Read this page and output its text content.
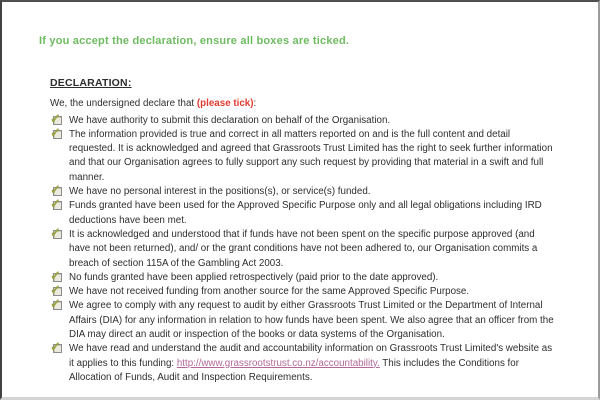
If you accept the declaration, ensure all boxes are ticked.

DECLARATION:
We, the undersigned declare that (please tick):
✓ We have authority to submit this declaration on behalf of the Organisation.
✓ The information provided is true and correct in all matters reported on and is the full content and detail requested. It is acknowledged and agreed that Grassroots Trust Limited has the right to seek further information and that our Organisation agrees to fully support any such request by providing that material in a swift and full manner.
✓ We have no personal interest in the positions(s), or service(s) funded.
✓ Funds granted have been used for the Approved Specific Purpose only and all legal obligations including IRD deductions have been met.
✓ It is acknowledged and understood that if funds have not been spent on the specific purpose approved (and have not been returned), and/ or the grant conditions have not been adhered to, our Organisation commits a breach of section 115A of the Gambling Act 2003.
✓ No funds granted have been applied retrospectively (paid prior to the date approved).
✓ We have not received funding from another source for the same Approved Specific Purpose.
✓ We agree to comply with any request to audit by either Grassroots Trust Limited or the Department of Internal Affairs (DIA) for any information in relation to how funds have been spent. We also agree that an officer from the DIA may direct an audit or inspection of the books or data systems of the Organisation.
✓ We have read and understand the audit and accountability information on Grassroots Trust Limited's website as it applies to this funding: http://www.grassrootstrust.co.nz/accountability. This includes the Conditions for Allocation of Funds, Audit and Inspection Requirements.
